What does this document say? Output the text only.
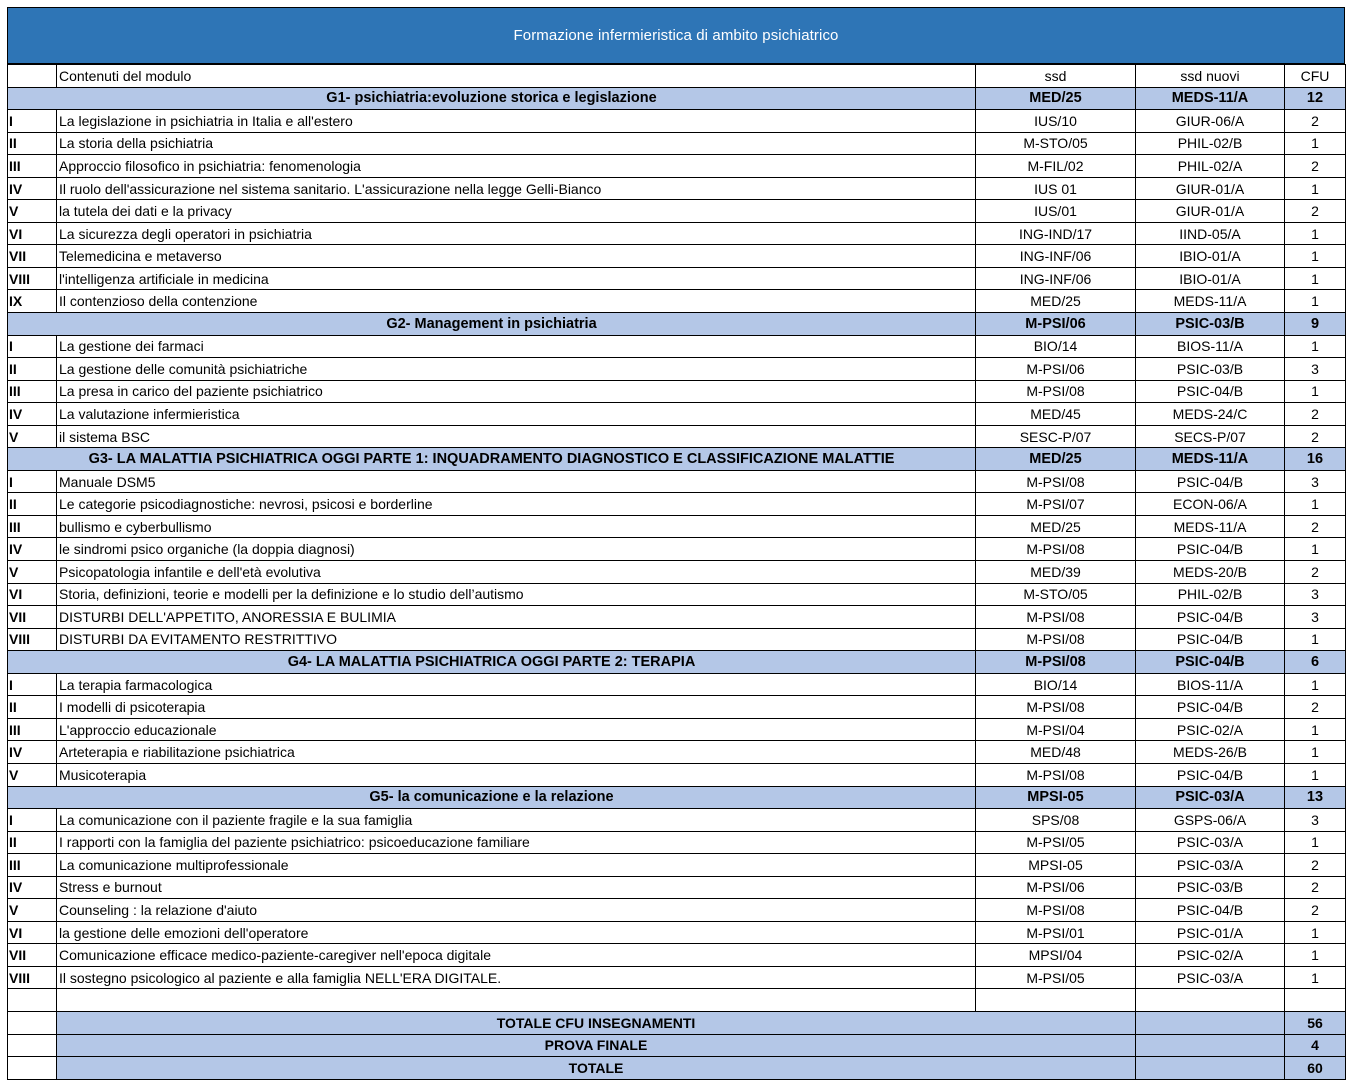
Formazione infermieristica di ambito psichiatrico
	Contenuti del modulo	ssd	ssd nuovi	CFU
G1- psichiatria:evoluzione storica e legislazione		MED/25	MEDS-11/A	12
I	La legislazione in psichiatria in Italia e all'estero	IUS/10	GIUR-06/A	2
II	La storia della psichiatria	M-STO/05	PHIL-02/B	1
III	Approccio filosofico in psichiatria: fenomenologia	M-FIL/02	PHIL-02/A	2
IV	Il ruolo dell'assicurazione nel sistema sanitario. L'assicurazione nella legge Gelli-Bianco	IUS 01	GIUR-01/A	1
V	la tutela dei dati e la privacy	IUS/01	GIUR-01/A	2
VI	La sicurezza degli operatori in psichiatria	ING-IND/17	IIND-05/A	1
VII	Telemedicina e metaverso	ING-INF/06	IBIO-01/A	1
VIII	l'intelligenza artificiale in medicina	ING-INF/06	IBIO-01/A	1
IX	Il contenzioso della contenzione	MED/25	MEDS-11/A	1
G2- Management in psichiatria		M-PSI/06	PSIC-03/B	9
I	La gestione dei farmaci	BIO/14	BIOS-11/A	1
II	La gestione delle comunità psichiatriche	M-PSI/06	PSIC-03/B	3
III	La presa in carico del paziente psichiatrico	M-PSI/08	PSIC-04/B	1
IV	La valutazione infermieristica	MED/45	MEDS-24/C	2
V	il sistema BSC	SESC-P/07	SECS-P/07	2
G3- LA MALATTIA PSICHIATRICA OGGI PARTE 1: INQUADRAMENTO DIAGNOSTICO E CLASSIFICAZIONE MALATTIE		MED/25	MEDS-11/A	16
I	Manuale DSM5	M-PSI/08	PSIC-04/B	3
II	Le categorie psicodiagnostiche: nevrosi, psicosi e borderline	M-PSI/07	ECON-06/A	1
III	bullismo e cyberbullismo	MED/25	MEDS-11/A	2
IV	le sindromi psico organiche (la doppia diagnosi)	M-PSI/08	PSIC-04/B	1
V	Psicopatologia infantile e dell'età evolutiva	MED/39	MEDS-20/B	2
VI	Storia, definizioni, teorie e modelli per la definizione e lo studio dell’autismo	M-STO/05	PHIL-02/B	3
VII	DISTURBI DELL'APPETITO, ANORESSIA E BULIMIA	M-PSI/08	PSIC-04/B	3
VIII	DISTURBI DA EVITAMENTO RESTRITTIVO	M-PSI/08	PSIC-04/B	1
G4- LA MALATTIA PSICHIATRICA OGGI PARTE 2: TERAPIA		M-PSI/08	PSIC-04/B	6
I	La terapia farmacologica	BIO/14	BIOS-11/A	1
II	I modelli di psicoterapia	M-PSI/08	PSIC-04/B	2
III	L'approccio educazionale	M-PSI/04	PSIC-02/A	1
IV	Arteterapia e riabilitazione psichiatrica	MED/48	MEDS-26/B	1
V	Musicoterapia	M-PSI/08	PSIC-04/B	1
G5- la comunicazione e la relazione		MPSI-05	PSIC-03/A	13
I	La comunicazione con il paziente fragile e la sua famiglia	SPS/08	GSPS-06/A	3
II	I rapporti con la famiglia del paziente psichiatrico: psicoeducazione familiare	M-PSI/05	PSIC-03/A	1
III	La comunicazione multiprofessionale	MPSI-05	PSIC-03/A	2
IV	Stress e burnout	M-PSI/06	PSIC-03/B	2
V	Counseling : la relazione d'aiuto	M-PSI/08	PSIC-04/B	2
VI	la gestione delle emozioni dell'operatore	M-PSI/01	PSIC-01/A	1
VII	Comunicazione efficace medico-paziente-caregiver nell'epoca digitale	MPSI/04	PSIC-02/A	1
VIII	Il sostegno psicologico al paziente e alla famiglia NELL'ERA DIGITALE.	M-PSI/05	PSIC-03/A	1

	TOTALE CFU INSEGNAMENTI			56
	PROVA FINALE			4
	TOTALE			60
